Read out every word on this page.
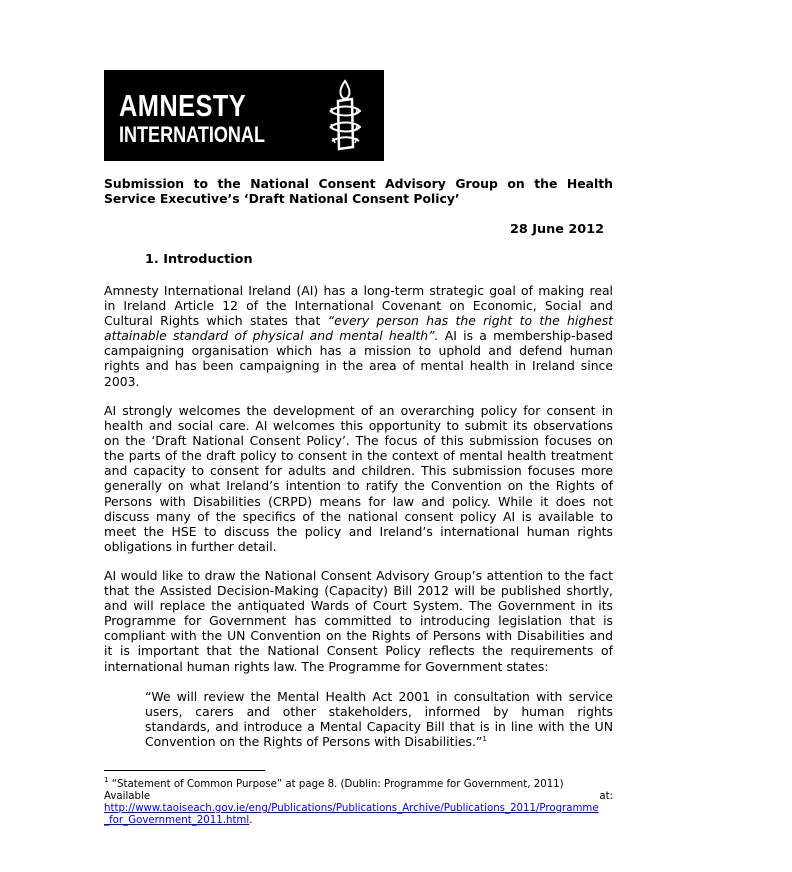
AMNESTY
INTERNATIONAL
Submission to the National Consent Advisory Group on the Health
Service Executive’s ‘Draft National Consent Policy’
28 June 2012
1. Introduction
Amnesty International Ireland (AI) has a long-term strategic goal of making real
in Ireland Article 12 of the International Covenant on Economic, Social and
Cultural Rights which states that “every person has the right to the highest
attainable standard of physical and mental health”. AI is a membership-based
campaigning organisation which has a mission to uphold and defend human
rights and has been campaigning in the area of mental health in Ireland since
2003.
AI strongly welcomes the development of an overarching policy for consent in
health and social care. AI welcomes this opportunity to submit its observations
on the ‘Draft National Consent Policy’. The focus of this submission focuses on
the parts of the draft policy to consent in the context of mental health treatment
and capacity to consent for adults and children. This submission focuses more
generally on what Ireland’s intention to ratify the Convention on the Rights of
Persons with Disabilities (CRPD) means for law and policy. While it does not
discuss many of the specifics of the national consent policy AI is available to
meet the HSE to discuss the policy and Ireland’s international human rights
obligations in further detail.
AI would like to draw the National Consent Advisory Group’s attention to the fact
that the Assisted Decision-Making (Capacity) Bill 2012 will be published shortly,
and will replace the antiquated Wards of Court System. The Government in its
Programme for Government has committed to introducing legislation that is
compliant with the UN Convention on the Rights of Persons with Disabilities and
it is important that the National Consent Policy reflects the requirements of
international human rights law. The Programme for Government states:
“We will review the Mental Health Act 2001 in consultation with service
users, carers and other stakeholders, informed by human rights
standards, and introduce a Mental Capacity Bill that is in line with the UN
Convention on the Rights of Persons with Disabilities.”$^1$
$^1$ “Statement of Common Purpose” at page 8. (Dublin: Programme for Government, 2011)
Available	at:
http://www.taoiseach.gov.ie/eng/Publications/Publications_Archive/Publications_2011/Programme
_for_Government_2011.html.
